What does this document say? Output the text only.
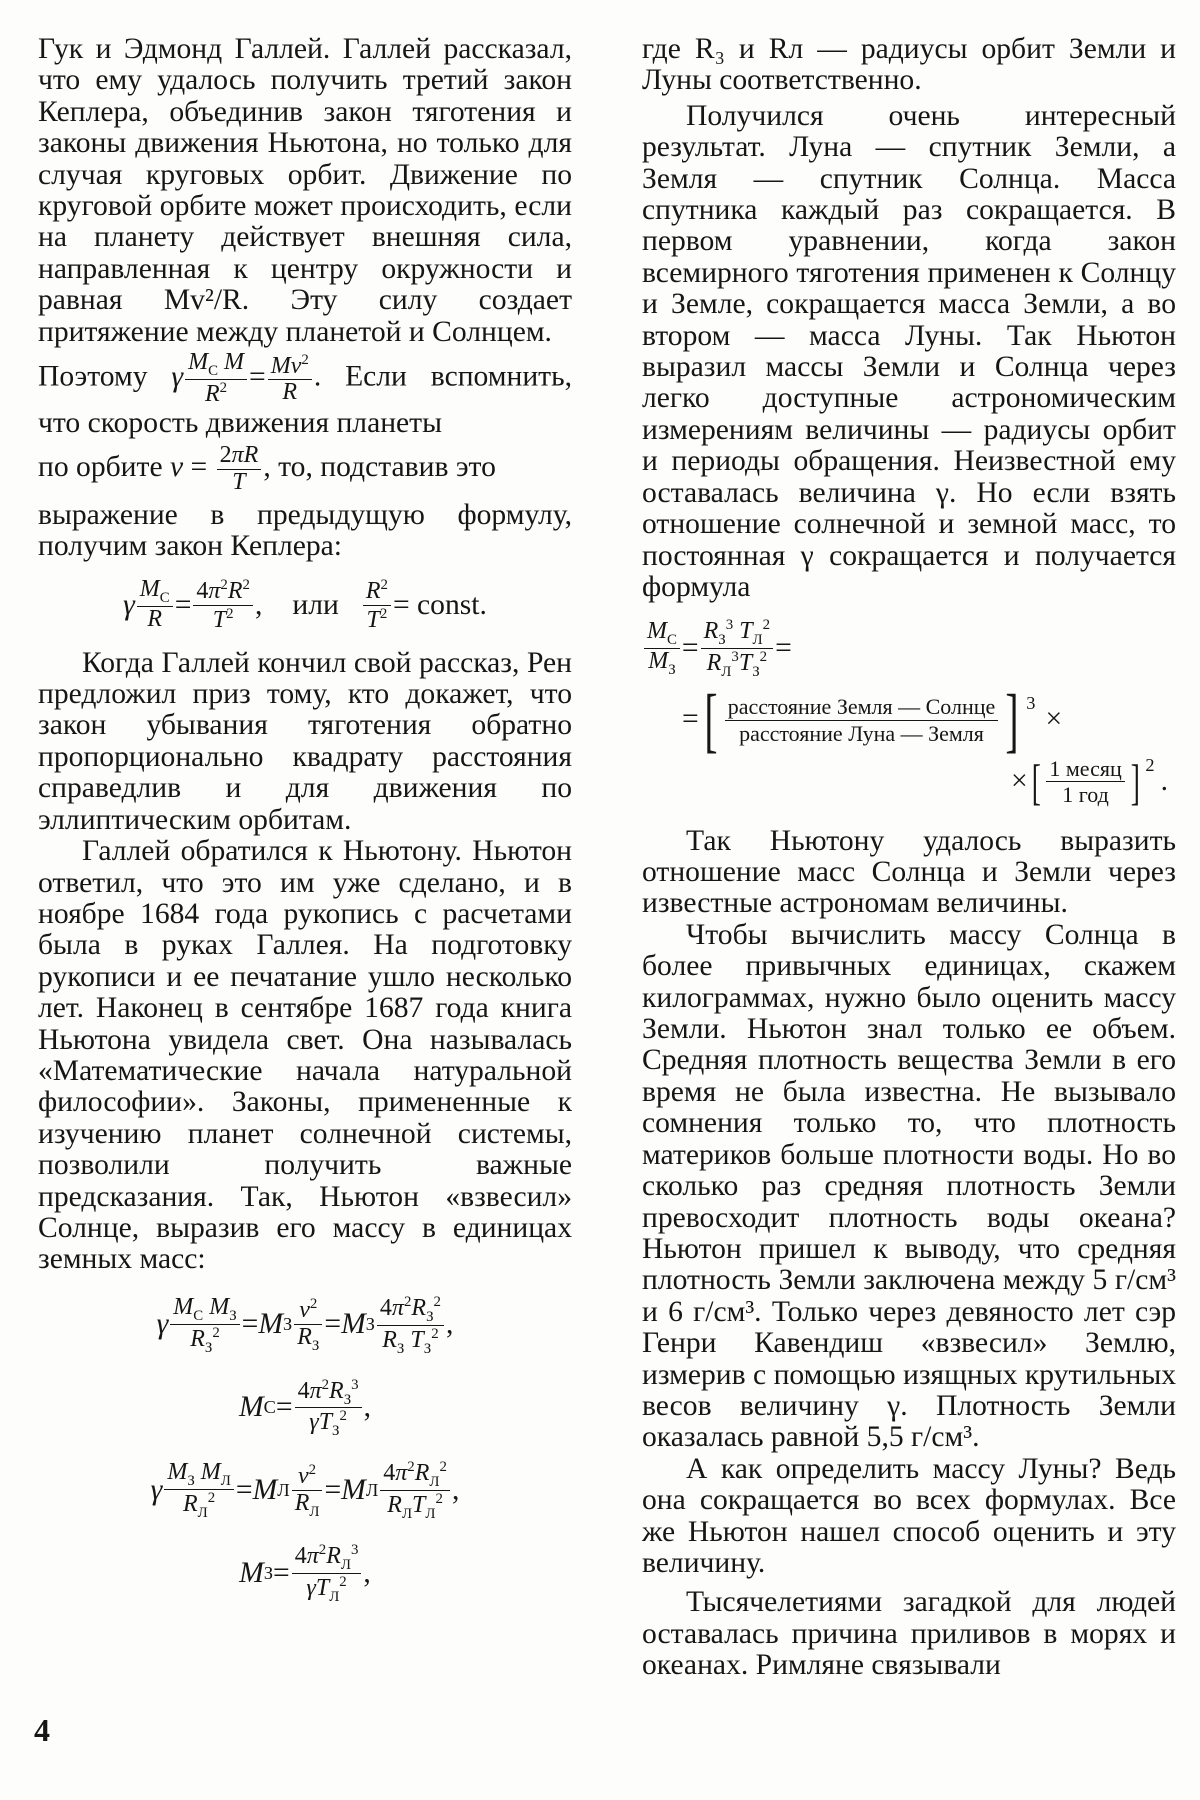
Гук и Эдмонд Галлей. Галлей рассказал, что ему удалось получить третий закон Кеплера, объединив закон тяготения и законы движения Ньютона, но только для случая круговых орбит. Движение по круговой орбите может происходить, если на планету действует внешняя сила, направленная к центру окружности и равная Mv²/R. Эту силу создает притяжение между планетой и Солнцем.

Поэтому γ $\frac{M_C M}{R^2} = \frac{Mv^2}{R}$ . Если вспомнить, что скорость движения планеты

по орбите $v = \frac{2\pi R}{T}$ , то, подставив это

выражение в предыдущую формулу, получим закон Кеплера:

γ $M_C$
$R = 4\pi^2R^2$
$T^2$ , или $\frac{R^2}{T^2}$ = const.

Когда Галлей кончил свой рассказ, Рен предложил приз тому, кто докажет, что закон убывания тяготения обратно пропорционально квадрату расстояния справедлив и для движения по эллиптическим орбитам.

Галлей обратился к Ньютону. Ньютон ответил, что это им уже сделано, и в ноябре 1684 года рукопись с расчетами была в руках Галлея. На подготовку рукописи и ее печатание ушло несколько лет. Наконец в сентябре 1687 года книга Ньютона увидела свет. Она называлась «Математические начала натуральной философии». Законы, примененные к изучению планет солнечной системы, позволили получить важные предсказания. Так, Ньютон «взвесил» Солнце, выразив его массу в единицах земных масс:

γ
$M_C$ $M_З$
$R_З^2 = M$ З
$v^2$
$R_З$
= M З
$4\pi^2R_З^2$
$R_З$ $T_З^2$ ,
M C =
$4\pi^2R_З^3$
$\gamma T_З^2$ ,
γ
$M_З$ $M_Л$
$R_Л^2 = M$ Л
$v^2$
$R_Л$
= M Л
$4\pi^2R_Л^2$
$R_ЛT_Л^2$ ,
M З =
$4\pi^2R_Л^3$
$\gamma T_Л^2$ ,

где R₃ и Rл — радиусы орбит Земли и Луны соответственно.

Получился очень интересный результат. Луна — спутник Земли, а Земля — спутник Солнца. Масса спутника каждый раз сокращается. В первом уравнении, когда закон всемирного тяготения применен к Солнцу и Земле, сокращается масса Земли, а во втором — масса Луны. Так Ньютон выразил массы Земли и Солнца через легко доступные астрономическим измерениям величины — радиусы орбит и периоды обращения. Неизвестной ему оставалась величина γ. Но если взять отношение солнечной и земной масс, то постоянная γ сокращается и получается формула

$M_C$
$M_З$
=
$R_З^3$ $T_Л^2$
$R_Л^3T_З^2$ =
= [ расстояние Земля — Солнце
расстояние Луна — Земля ] 3
×
× [ 1 месяц
1 год ] 2
.

Так Ньютону удалось выразить отношение масс Солнца и Земли через известные астрономам величины.

Чтобы вычислить массу Солнца в более привычных единицах, скажем килограммах, нужно было оценить массу Земли. Ньютон знал только ее объем. Средняя плотность вещества Земли в его время не была известна. Не вызывало сомнения только то, что плотность материков больше плотности воды. Но во сколько раз средняя плотность Земли превосходит плотность воды океана? Ньютон пришел к выводу, что средняя плотность Земли заключена между 5 г/см³ и 6 г/см³. Только через девяносто лет сэр Генри Кавендиш «взвесил» Землю, измерив с помощью изящных крутильных весов величину γ. Плотность Земли оказалась равной 5,5 г/см³.

А как определить массу Луны? Ведь она сокращается во всех формулах. Все же Ньютон нашел способ оценить и эту величину.

Тысячелетиями загадкой для людей оставалась причина приливов в морях и океанах. Римляне связывали

4
